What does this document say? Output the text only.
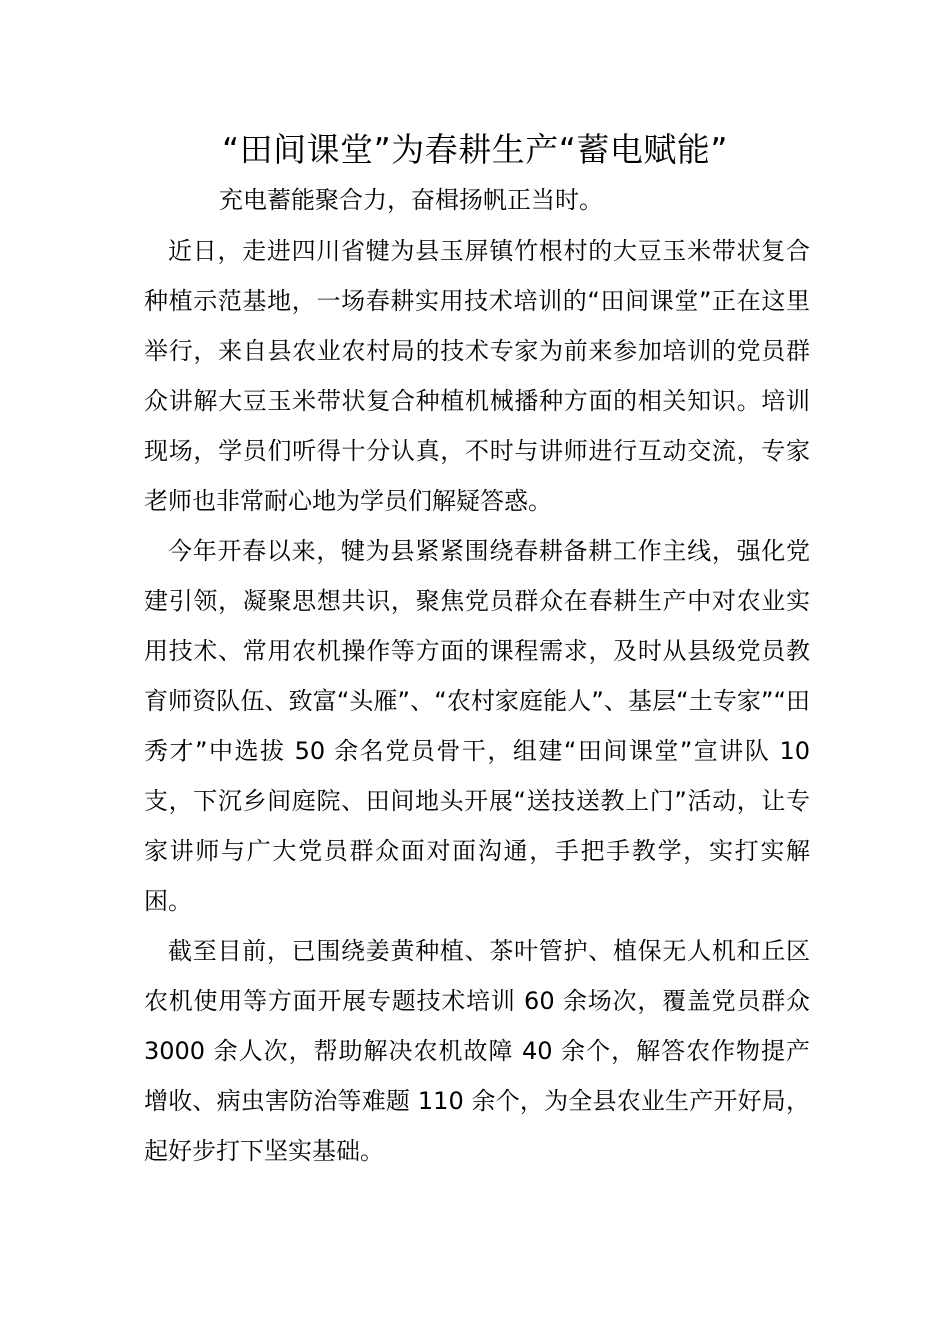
“田间课堂”为春耕生产“蓄电赋能”

充电蓄能聚合力，奋楫扬帆正当时。

近日，走进四川省犍为县玉屏镇竹根村的大豆玉米带状复合种植示范基地，一场春耕实用技术培训的“田间课堂”正在这里举行，来自县农业农村局的技术专家为前来参加培训的党员群众讲解大豆玉米带状复合种植机械播种方面的相关知识。培训现场，学员们听得十分认真，不时与讲师进行互动交流，专家老师也非常耐心地为学员们解疑答惑。

今年开春以来，犍为县紧紧围绕春耕备耕工作主线，强化党建引领，凝聚思想共识，聚焦党员群众在春耕生产中对农业实用技术、常用农机操作等方面的课程需求，及时从县级党员教育师资队伍、致富“头雁”、“农村家庭能人”、基层“土专家”“田秀才”中选拔 50 余名党员骨干，组建“田间课堂”宣讲队 10 支，下沉乡间庭院、田间地头开展“送技送教上门”活动，让专家讲师与广大党员群众面对面沟通，手把手教学，实打实解困。

截至目前，已围绕姜黄种植、茶叶管护、植保无人机和丘区农机使用等方面开展专题技术培训 60 余场次，覆盖党员群众 3000 余人次，帮助解决农机故障 40 余个，解答农作物提产增收、病虫害防治等难题 110 余个，为全县农业生产开好局，起好步打下坚实基础。
